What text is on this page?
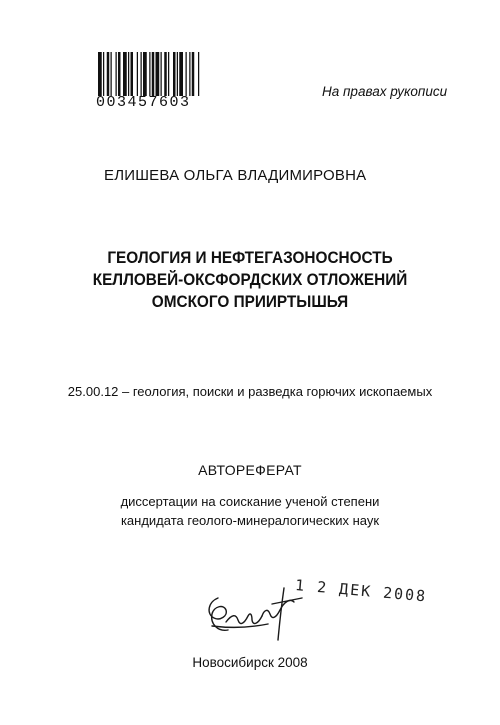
003457603
На правах рукописи
ЕЛИШЕВА ОЛЬГА ВЛАДИМИРОВНА
ГЕОЛОГИЯ И НЕФТЕГАЗОНОСНОСТЬ
КЕЛЛОВЕЙ-ОКСФОРДСКИХ ОТЛОЖЕНИЙ
ОМСКОГО ПРИИРТЫШЬЯ
25.00.12 – геология, поиски и разведка горючих ископаемых
АВТОРЕФЕРАТ
диссертации на соискание ученой степени
кандидата геолого-минералогических наук
1 2 ДЕК 2008
Новосибирск 2008
